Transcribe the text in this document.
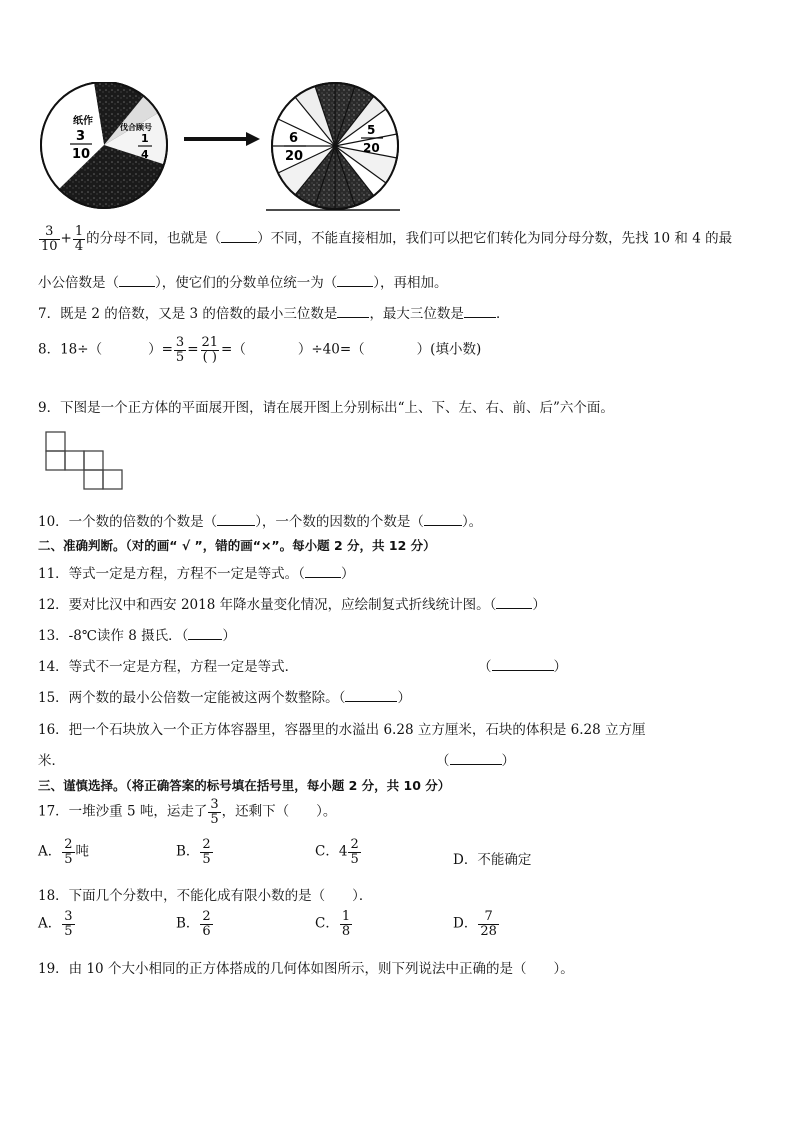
纸作
3
10
伐合顾号
1
4
6
20
5
20
$\frac{3}{10} + \frac{1}{4}$ 的分母不同，也就是（	）不同，不能直接相加，我们可以把它们转化为同分母分数，先找 10 和 4 的最
小公倍数是（	），使它们的分数单位统一为（	），再相加。
7．既是 2 的倍数，又是 3 的倍数的最小三位数是 ，最大三位数是 ．
8．18÷（	）= $\frac{3}{5} = \frac{21}{( )}$ =（	）÷40=（	）(填小数)
9．下图是一个正方体的平面展开图，请在展开图上分别标出“上、下、左、右、前、后”六个面。
10．一个数的倍数的个数是（	），一个数的因数的个数是（	）。
二、准确判断。（对的画“ √ ”，错的画“×”。每小题 2 分，共 12 分）
11．等式一定是方程，方程不一定是等式。（	）
12．要对比汉中和西安 2018 年降水量变化情况，应绘制复式折线统计图。（	）
13．-8℃读作 8 摄氏．（	）
14．等式不一定是方程，方程一定是等式．	（	）
15．两个数的最小公倍数一定能被这两个数整除。（	）
16．把一个石块放入一个正方体容器里，容器里的水溢出 6.28 立方厘米，石块的体积是 6.28 立方厘
米．	（	）
三、谨慎选择。（将正确答案的标号填在括号里，每小题 2 分，共 10 分）
17．一堆沙重 5 吨，运走了 $\frac{3}{5}$ ，还剩下（　　）。
A． $\frac{2}{5}$ 吨	B． $\frac{2}{5}$	C．$4 \frac{2}{5}$	D．不能确定
18．下面几个分数中，不能化成有限小数的是（　　）．
A． $\frac{3}{5}$	B． $\frac{2}{6}$	C． $\frac{1}{8}$	D． $\frac{7}{28}$
19．由 10 个大小相同的正方体搭成的几何体如图所示，则下列说法中正确的是（　　）。
